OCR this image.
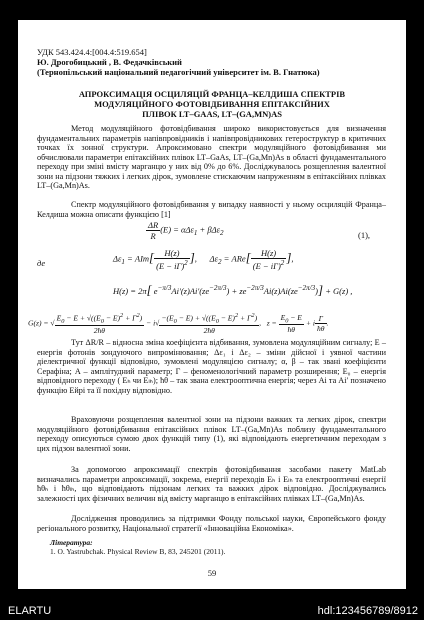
УДК 543.424.4:[004.4:519.654]
Ю. Дрогобицький , В. Федачківський
(Тернопільський національний педагогічний університет ім. В. Гнатюка)
АПРОКСИМАЦІЯ ОСЦИЛЯЦІЙ ФРАНЦА–КЕЛДИША СПЕКТРІВ
МОДУЛЯЦІЙНОГО ФОТОВІДБИВАННЯ ЕПІТАКСІЙНИХ
ПЛІВОК LT–GAAS, LT–(GA,MN)AS
Метод модуляційного фотовідбивання широко використовується для визначення фундаментальних параметрів напівпровідників і напівпровідникових гетероструктур в критичних точках їх зонної структури. Апроксимовано спектри модуляційного фотовідбивання ми обчислювали параметри епітаксійних плівок LT–GaAs, LT–(Ga,Mn)As в області фундаментального переходу при зміні вмісту марганцю у них від 0% до 6%. Досліджувалось розщеплення валентної зони на підзони тяжких і легких дірок, зумовлене стискаючим напруженням в епітаксійних плівках LT–(Ga,Mn)As.
Спектр модуляційного фотовідбивання у випадку наявності у ньому осциляцій Франца–Келдиша можна описати функцією [1]
$\frac{\Delta R}{R} (E) = \alpha\Delta\varepsilon_1 + \beta\Delta\varepsilon_2$	(1),
де	$\Delta\varepsilon_1 = AIm[ \frac{H(z)}{(E - i\Gamma)^2}$ ],      $\Delta\varepsilon_2 = ARe[ \frac{H(z)}{(E - i\Gamma)^2}$ ],
H(z) = 2π[ $e^{-\pi/3}Ai'(z)Ai'(ze^{-2\pi/3}) + ze^{-2\pi/3}Ai(z)Ai(ze^{-2\pi/3})] + G(z)$ ,
G(z) = √ $\frac{E_0 - E + √((E_0 - E)^2 + \Gamma^2)}{2ħ\theta} - i√ \frac{-(E_0 - E) + √((E_0 - E)^2 + \Gamma^2)}{2ħ\theta}$ ,   $z = \frac{E_0 - E}{ħ\theta} + i \frac{\Gamma}{ħ\theta}$ .
Тут ΔR/R – відносна зміна коефіцієнта відбивання, зумовлена модуляційним сигналу; E – енергія фотонів зондуючого випромінювання; Δε₁ і Δε₂ – зміни дійсної і уявної частини діелектричної функції відповідно, зумовлені модуляцією сигналу; α, β – так звані коефіцієнти Серафіна; A – амплітудний параметр; Γ – феноменологічний параметр розширення; E₀ – енергія відповідного переходу ( Eₕ чи Eₗₕ); ħθ – так звана електрооптична енергія; через Ai та Ai′ позначено функцію Ейрі та її похідну відповідно.
Враховуючи розщеплення валентної зони на підзони важких та легких дірок, спектри модуляційного фотовідбивання епітаксійних плівок LT–(Ga,Mn)As поблизу фундаментального переходу описуються сумою двох функцій типу (1), які відповідають енергетичним переходам з цих підзон валентної зони.
За допомогою апроксимації спектрів фотовідбивання засобами пакету MatLab визначались параметри апроксимації, зокрема, енергії переходів Eₕ і Eₗₕ та електрооптичні енергії ħθₕ і ħθₗₕ, що відповідають підзонам легких та важких дірок відповідно. Досліджувались залежності цих фізичних величин від вмісту марганцю в епітаксійних плівках LT–(Ga,Mn)As.
Дослідження проводились за підтримки Фонду польської науки, Європейського фонду регіонального розвитку, Національної стратегії «Інноваційна Економіка».
Література:
1. O. Yastrubchak. Physical Review B, 83, 245201 (2011).
59
ELARTU	hdl:123456789/8912
